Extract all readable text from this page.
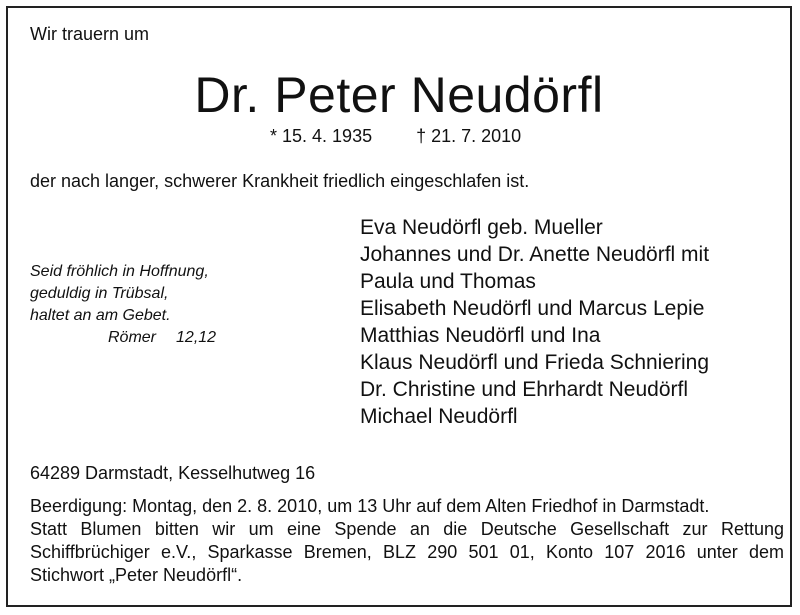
Wir trauern um
Dr. Peter Neudörfl
* 15. 4. 1935 † 21. 7. 2010
der nach langer, schwerer Krankheit friedlich eingeschlafen ist.
Seid fröhlich in Hoffnung,
geduldig in Trübsal,
haltet an am Gebet.
Römer 12,12
Eva Neudörfl geb. Mueller
Johannes und Dr. Anette Neudörfl mit
Paula und Thomas
Elisabeth Neudörfl und Marcus Lepie
Matthias Neudörfl und Ina
Klaus Neudörfl und Frieda Schniering
Dr. Christine und Ehrhardt Neudörfl
Michael Neudörfl
64289 Darmstadt, Kesselhutweg 16

Beerdigung: Montag, den 2. 8. 2010, um 13 Uhr auf dem Alten Friedhof in Darmstadt.

Statt Blumen bitten wir um eine Spende an die Deutsche Gesellschaft zur Rettung

Schiffbrüchiger e.V., Sparkasse Bremen, BLZ 290 501 01, Konto 107 2016 unter dem

Stichwort „Peter Neudörfl“.
